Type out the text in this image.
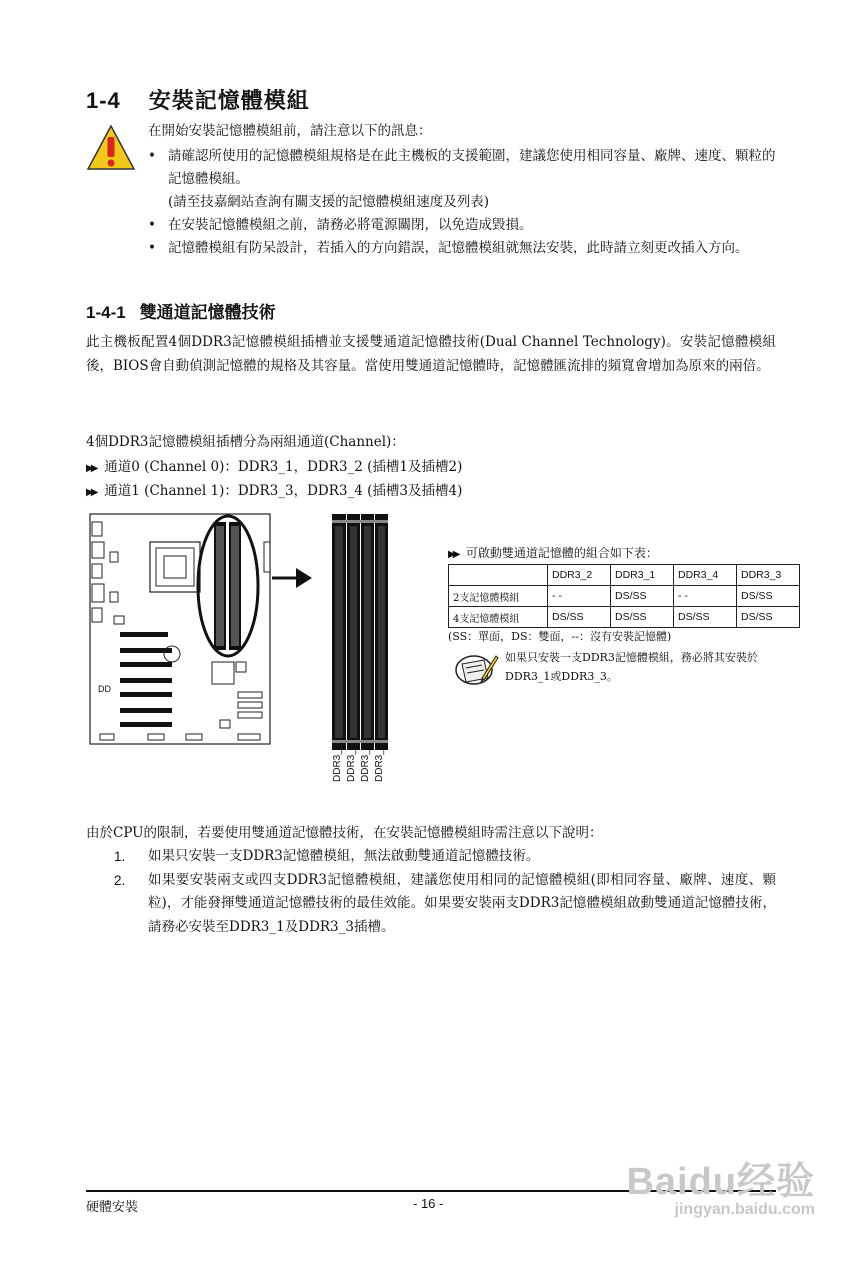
1-4 安裝記憶體模組
在開始安裝記憶體模組前，請注意以下的訊息：
• 請確認所使用的記憶體模組規格是在此主機板的支援範圍，建議您使用相同容量、廠牌、速度、顆粒的記憶體模組。
(請至技嘉網站查詢有關支援的記憶體模組速度及列表)
• 在安裝記憶體模組之前，請務必將電源關閉，以免造成毀損。
• 記憶體模組有防呆設計，若插入的方向錯誤，記憶體模組就無法安裝，此時請立刻更改插入方向。
1-4-1 雙通道記憶體技術
此主機板配置4個DDR3記憶體模組插槽並支援雙通道記憶體技術(Dual Channel Technology)。安裝記憶體模組後，BIOS會自動偵測記憶體的規格及其容量。當使用雙通道記憶體時，記憶體匯流排的頻寬會增加為原來的兩倍。
4個DDR3記憶體模組插槽分為兩組通道(Channel)：
▶▶ 通道0 (Channel 0)：DDR3_1，DDR3_2 (插槽1及插槽2)
▶▶ 通道1 (Channel 1)：DDR3_3，DDR3_4 (插槽3及插槽4)
DD
DDR3_2 DDR3_1 DDR3_4 DDR3_3
▶▶ 可啟動雙通道記憶體的組合如下表：
	DDR3_2	DDR3_1	DDR3_4	DDR3_3
2支記憶體模組	- -	DS/SS	- -	DS/SS
4支記憶體模組	DS/SS	DS/SS	DS/SS	DS/SS
(SS：單面，DS：雙面，--：沒有安裝記憶體)
如果只安裝一支DDR3記憶體模組，務必將其安裝於DDR3_1或DDR3_3。
由於CPU的限制，若要使用雙通道記憶體技術，在安裝記憶體模組時需注意以下說明：
1. 如果只安裝一支DDR3記憶體模組，無法啟動雙通道記憶體技術。
2. 如果要安裝兩支或四支DDR3記憶體模組，建議您使用相同的記憶體模組(即相同容量、廠牌、速度、顆粒)，才能發揮雙通道記憶體技術的最佳效能。如果要安裝兩支DDR3記憶體模組啟動雙通道記憶體技術，請務必安裝至DDR3_1及DDR3_3插槽。
硬體安裝	- 16 -
Baidu经验
jingyan.baidu.com
